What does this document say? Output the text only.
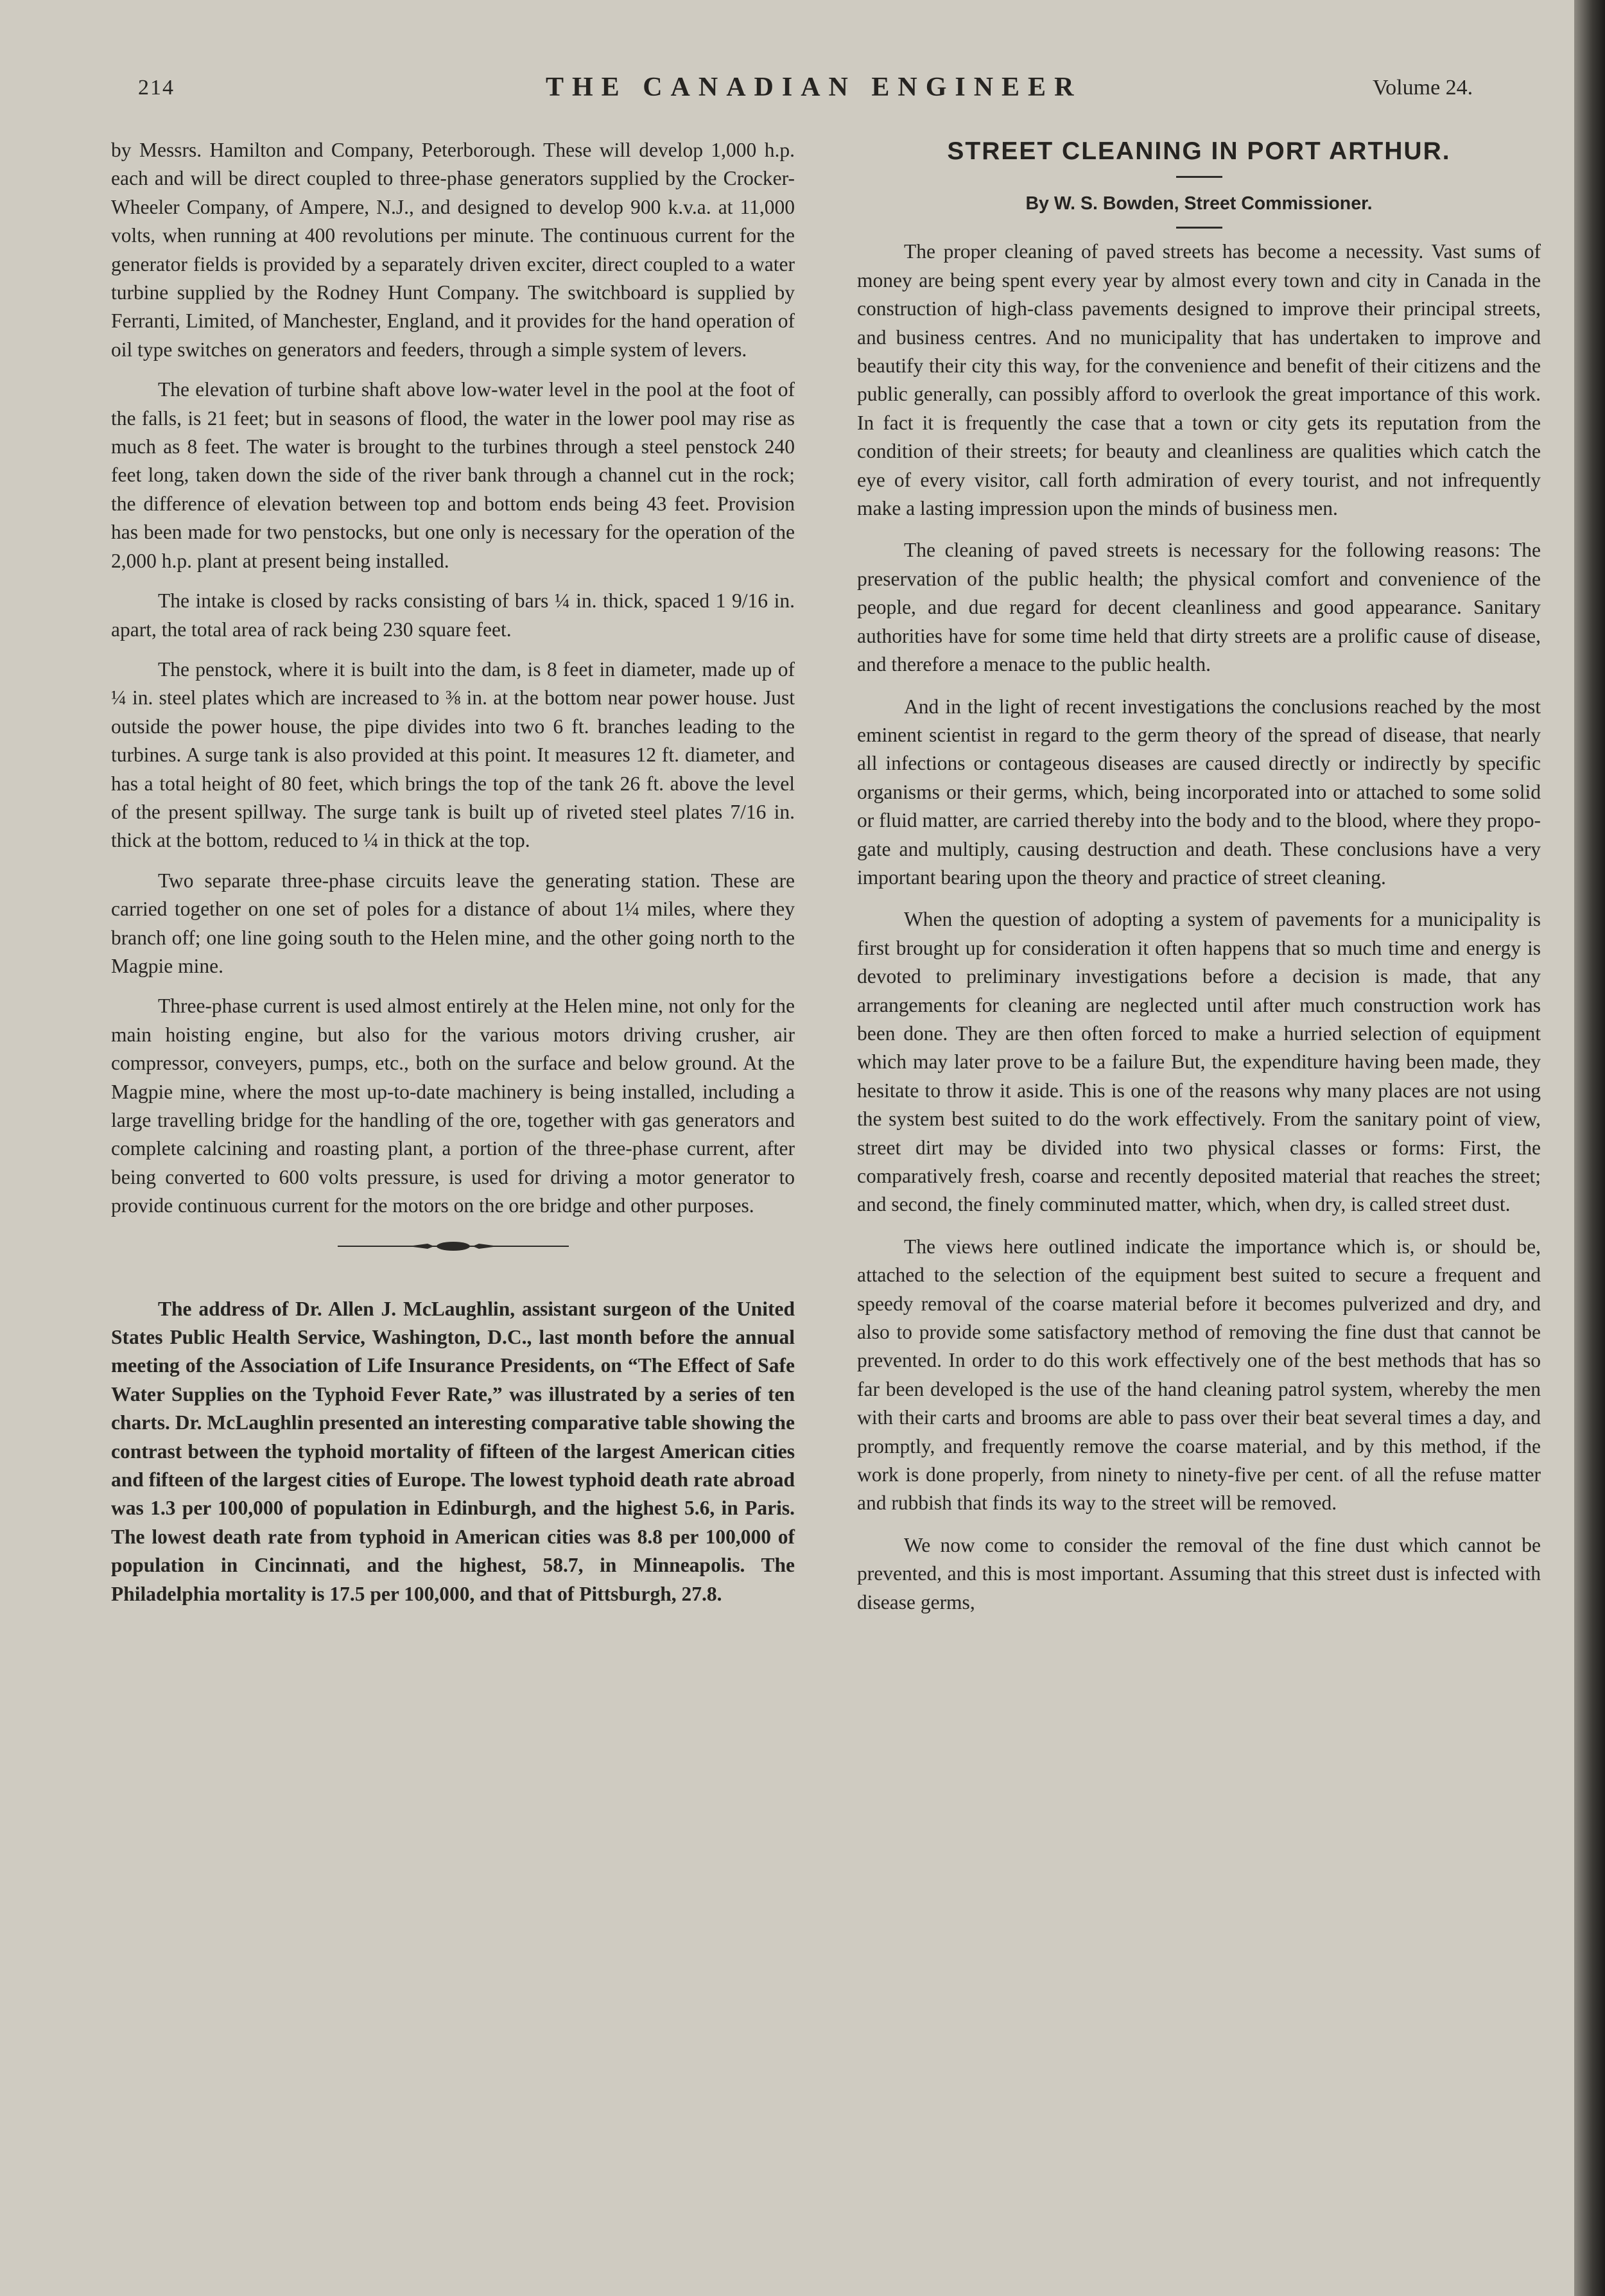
214	THE CANADIAN ENGINEER	Volume 24.

by Messrs. Hamilton and Company, Peterborough. These will develop 1,000 h.p. each and will be direct coupled to three-phase generators supplied by the Crocker-Wheeler Company, of Ampere, N.J., and designed to develop 900 k.v.a. at 11,000 volts, when running at 400 revolutions per minute. The continuous current for the generator fields is provided by a separately driven exciter, direct coupled to a water turbine supplied by the Rodney Hunt Company. The switchboard is supplied by Ferranti, Limited, of Manchester, England, and it provides for the hand operation of oil type switches on generators and feeders, through a simple system of levers.

The elevation of turbine shaft above low-water level in the pool at the foot of the falls, is 21 feet; but in seasons of flood, the water in the lower pool may rise as much as 8 feet. The water is brought to the turbines through a steel penstock 240 feet long, taken down the side of the river bank through a channel cut in the rock; the difference of elevation between top and bottom ends being 43 feet. Provision has been made for two penstocks, but one only is necessary for the operation of the 2,000 h.p. plant at present being installed.

The intake is closed by racks consisting of bars ¼ in. thick, spaced 1 9/16 in. apart, the total area of rack being 230 square feet.

The penstock, where it is built into the dam, is 8 feet in diameter, made up of ¼ in. steel plates which are increased to ⅜ in. at the bottom near power house. Just outside the power house, the pipe divides into two 6 ft. branches leading to the turbines. A surge tank is also provided at this point. It measures 12 ft. diameter, and has a total height of 80 feet, which brings the top of the tank 26 ft. above the level of the present spillway. The surge tank is built up of riveted steel plates 7/16 in. thick at the bottom, reduced to ¼ in thick at the top.

Two separate three-phase circuits leave the generating station. These are carried together on one set of poles for a distance of about 1¼ miles, where they branch off; one line going south to the Helen mine, and the other going north to the Magpie mine.

Three-phase current is used almost entirely at the Helen mine, not only for the main hoisting engine, but also for the various motors driving crusher, air compressor, conveyers, pumps, etc., both on the surface and below ground. At the Magpie mine, where the most up-to-date machinery is being installed, including a large travelling bridge for the handling of the ore, together with gas generators and complete calcining and roasting plant, a portion of the three-phase current, after being converted to 600 volts pressure, is used for driving a motor generator to provide continuous current for the motors on the ore bridge and other purposes.

The address of Dr. Allen J. McLaughlin, assistant surgeon of the United States Public Health Service, Washington, D.C., last month before the annual meeting of the Association of Life Insurance Presidents, on “The Effect of Safe Water Supplies on the Typhoid Fever Rate,” was illustrated by a series of ten charts. Dr. McLaughlin presented an interesting comparative table showing the contrast between the typhoid mortality of fifteen of the largest American cities and fifteen of the largest cities of Europe. The lowest typhoid death rate abroad was 1.3 per 100,000 of population in Edinburgh, and the highest 5.6, in Paris. The lowest death rate from typhoid in American cities was 8.8 per 100,000 of population in Cincinnati, and the highest, 58.7, in Minneapolis. The Philadelphia mortality is 17.5 per 100,000, and that of Pittsburgh, 27.8.

STREET CLEANING IN PORT ARTHUR.
By W. S. Bowden, Street Commissioner.

The proper cleaning of paved streets has become a necessity. Vast sums of money are being spent every year by almost every town and city in Canada in the construction of high-class pavements designed to improve their principal streets, and business centres. And no municipality that has undertaken to improve and beautify their city this way, for the convenience and benefit of their citizens and the public generally, can possibly afford to overlook the great importance of this work. In fact it is frequently the case that a town or city gets its reputation from the condition of their streets; for beauty and cleanliness are qualities which catch the eye of every visitor, call forth admiration of every tourist, and not infrequently make a lasting impression upon the minds of business men.

The cleaning of paved streets is necessary for the following reasons: The preservation of the public health; the physical comfort and convenience of the people, and due regard for decent cleanliness and good appearance. Sanitary authorities have for some time held that dirty streets are a prolific cause of disease, and therefore a menace to the public health.

And in the light of recent investigations the conclusions reached by the most eminent scientist in regard to the germ theory of the spread of disease, that nearly all infections or contageous diseases are caused directly or indirectly by specific organisms or their germs, which, being incorporated into or attached to some solid or fluid matter, are carried thereby into the body and to the blood, where they propogate and multiply, causing destruction and death. These conclusions have a very important bearing upon the theory and practice of street cleaning.

When the question of adopting a system of pavements for a municipality is first brought up for consideration it often happens that so much time and energy is devoted to preliminary investigations before a decision is made, that any arrangements for cleaning are neglected until after much construction work has been done. They are then often forced to make a hurried selection of equipment which may later prove to be a failure But, the expenditure having been made, they hesitate to throw it aside. This is one of the reasons why many places are not using the system best suited to do the work effectively. From the sanitary point of view, street dirt may be divided into two physical classes or forms: First, the comparatively fresh, coarse and recently deposited material that reaches the street; and second, the finely comminuted matter, which, when dry, is called street dust.

The views here outlined indicate the importance which is, or should be, attached to the selection of the equipment best suited to secure a frequent and speedy removal of the coarse material before it becomes pulverized and dry, and also to provide some satisfactory method of removing the fine dust that cannot be prevented. In order to do this work effectively one of the best methods that has so far been developed is the use of the hand cleaning patrol system, whereby the men with their carts and brooms are able to pass over their beat several times a day, and promptly, and frequently remove the coarse material, and by this method, if the work is done properly, from ninety to ninety-five per cent. of all the refuse matter and rubbish that finds its way to the street will be removed.

We now come to consider the removal of the fine dust which cannot be prevented, and this is most important. Assuming that this street dust is infected with disease germs,
